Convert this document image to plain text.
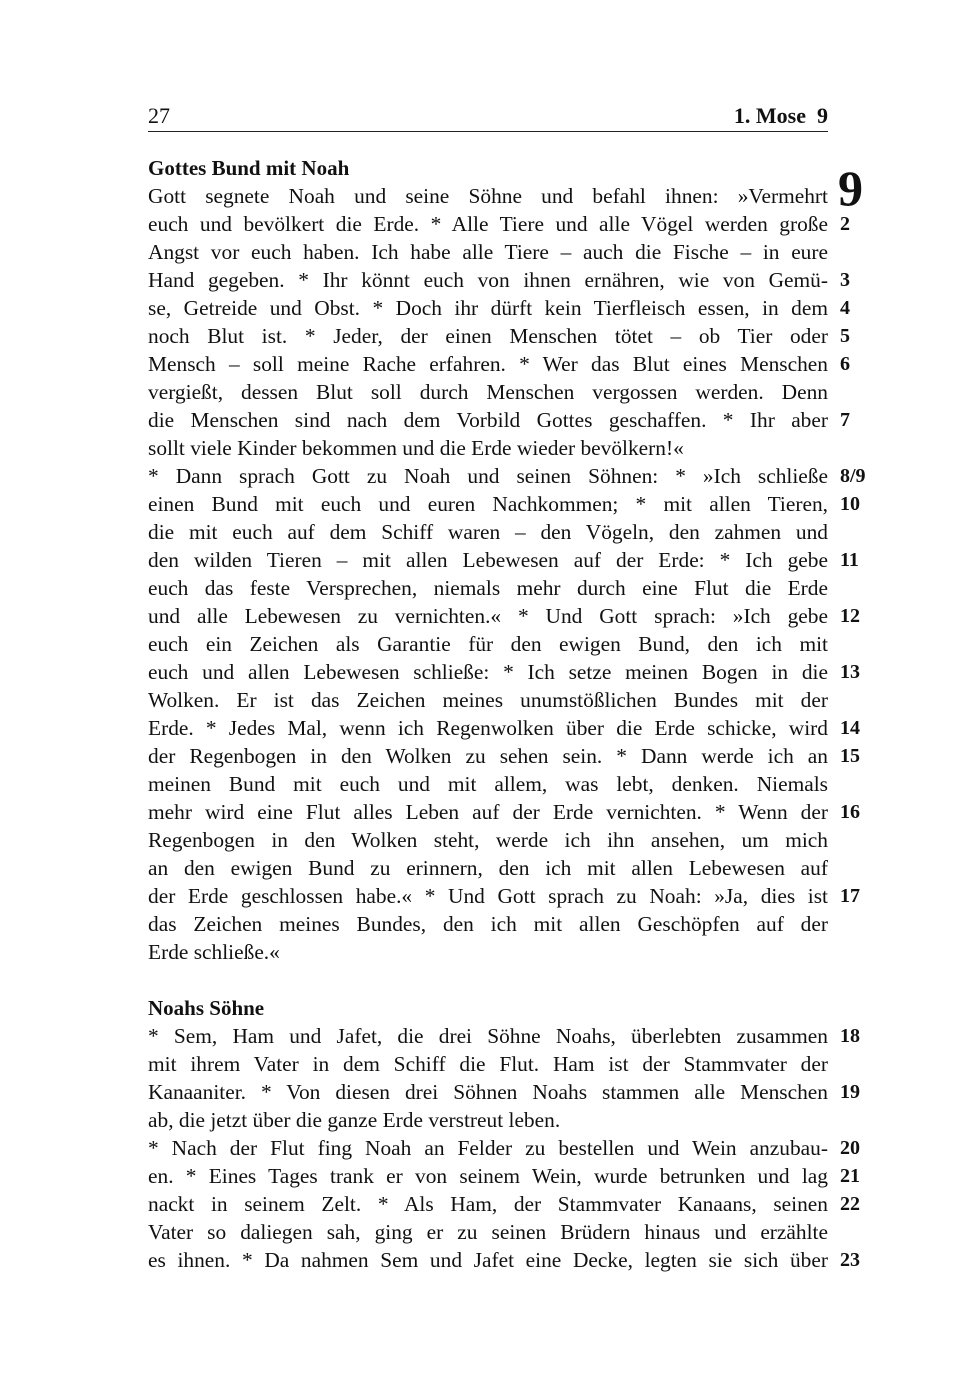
27	1. Mose  9
9
Gottes Bund mit Noah
Gott segnete Noah und seine Söhne und befahl ihnen: »Vermehrt
euch und bevölkert die Erde. * Alle Tiere und alle Vögel werden große
Angst vor euch haben. Ich habe alle Tiere – auch die Fische – in eure
Hand gegeben. * Ihr könnt euch von ihnen ernähren, wie von Gemü-
se, Getreide und Obst. * Doch ihr dürft kein Tierfleisch essen, in dem
noch Blut ist. * Jeder, der einen Menschen tötet – ob Tier oder
Mensch – soll meine Rache erfahren. * Wer das Blut eines Menschen
vergießt, dessen Blut soll durch Menschen vergossen werden. Denn
die Menschen sind nach dem Vorbild Gottes geschaffen. * Ihr aber
sollt viele Kinder bekommen und die Erde wieder bevölkern!«
* Dann sprach Gott zu Noah und seinen Söhnen: * »Ich schließe
einen Bund mit euch und euren Nachkommen; * mit allen Tieren,
die mit euch auf dem Schiff waren – den Vögeln, den zahmen und
den wilden Tieren – mit allen Lebewesen auf der Erde: * Ich gebe
euch das feste Versprechen, niemals mehr durch eine Flut die Erde
und alle Lebewesen zu vernichten.« * Und Gott sprach: »Ich gebe
euch ein Zeichen als Garantie für den ewigen Bund, den ich mit
euch und allen Lebewesen schließe: * Ich setze meinen Bogen in die
Wolken. Er ist das Zeichen meines unumstößlichen Bundes mit der
Erde. * Jedes Mal, wenn ich Regenwolken über die Erde schicke, wird
der Regenbogen in den Wolken zu sehen sein. * Dann werde ich an
meinen Bund mit euch und mit allem, was lebt, denken. Niemals
mehr wird eine Flut alles Leben auf der Erde vernichten. * Wenn der
Regenbogen in den Wolken steht, werde ich ihn ansehen, um mich
an den ewigen Bund zu erinnern, den ich mit allen Lebewesen auf
der Erde geschlossen habe.« * Und Gott sprach zu Noah: »Ja, dies ist
das Zeichen meines Bundes, den ich mit allen Geschöpfen auf der
Erde schließe.«
Noahs Söhne
* Sem, Ham und Jafet, die drei Söhne Noahs, überlebten zusammen
mit ihrem Vater in dem Schiff die Flut. Ham ist der Stammvater der
Kanaaniter. * Von diesen drei Söhnen Noahs stammen alle Menschen
ab, die jetzt über die ganze Erde verstreut leben.
* Nach der Flut fing Noah an Felder zu bestellen und Wein anzubau-
en. * Eines Tages trank er von seinem Wein, wurde betrunken und lag
nackt in seinem Zelt. * Als Ham, der Stammvater Kanaans, seinen
Vater so daliegen sah, ging er zu seinen Brüdern hinaus und erzählte
es ihnen. * Da nahmen Sem und Jafet eine Decke, legten sie sich über
2
3
4
5
6
7
8/9
10
11
12
13
14
15
16
17
18
19
20
21
22
23
